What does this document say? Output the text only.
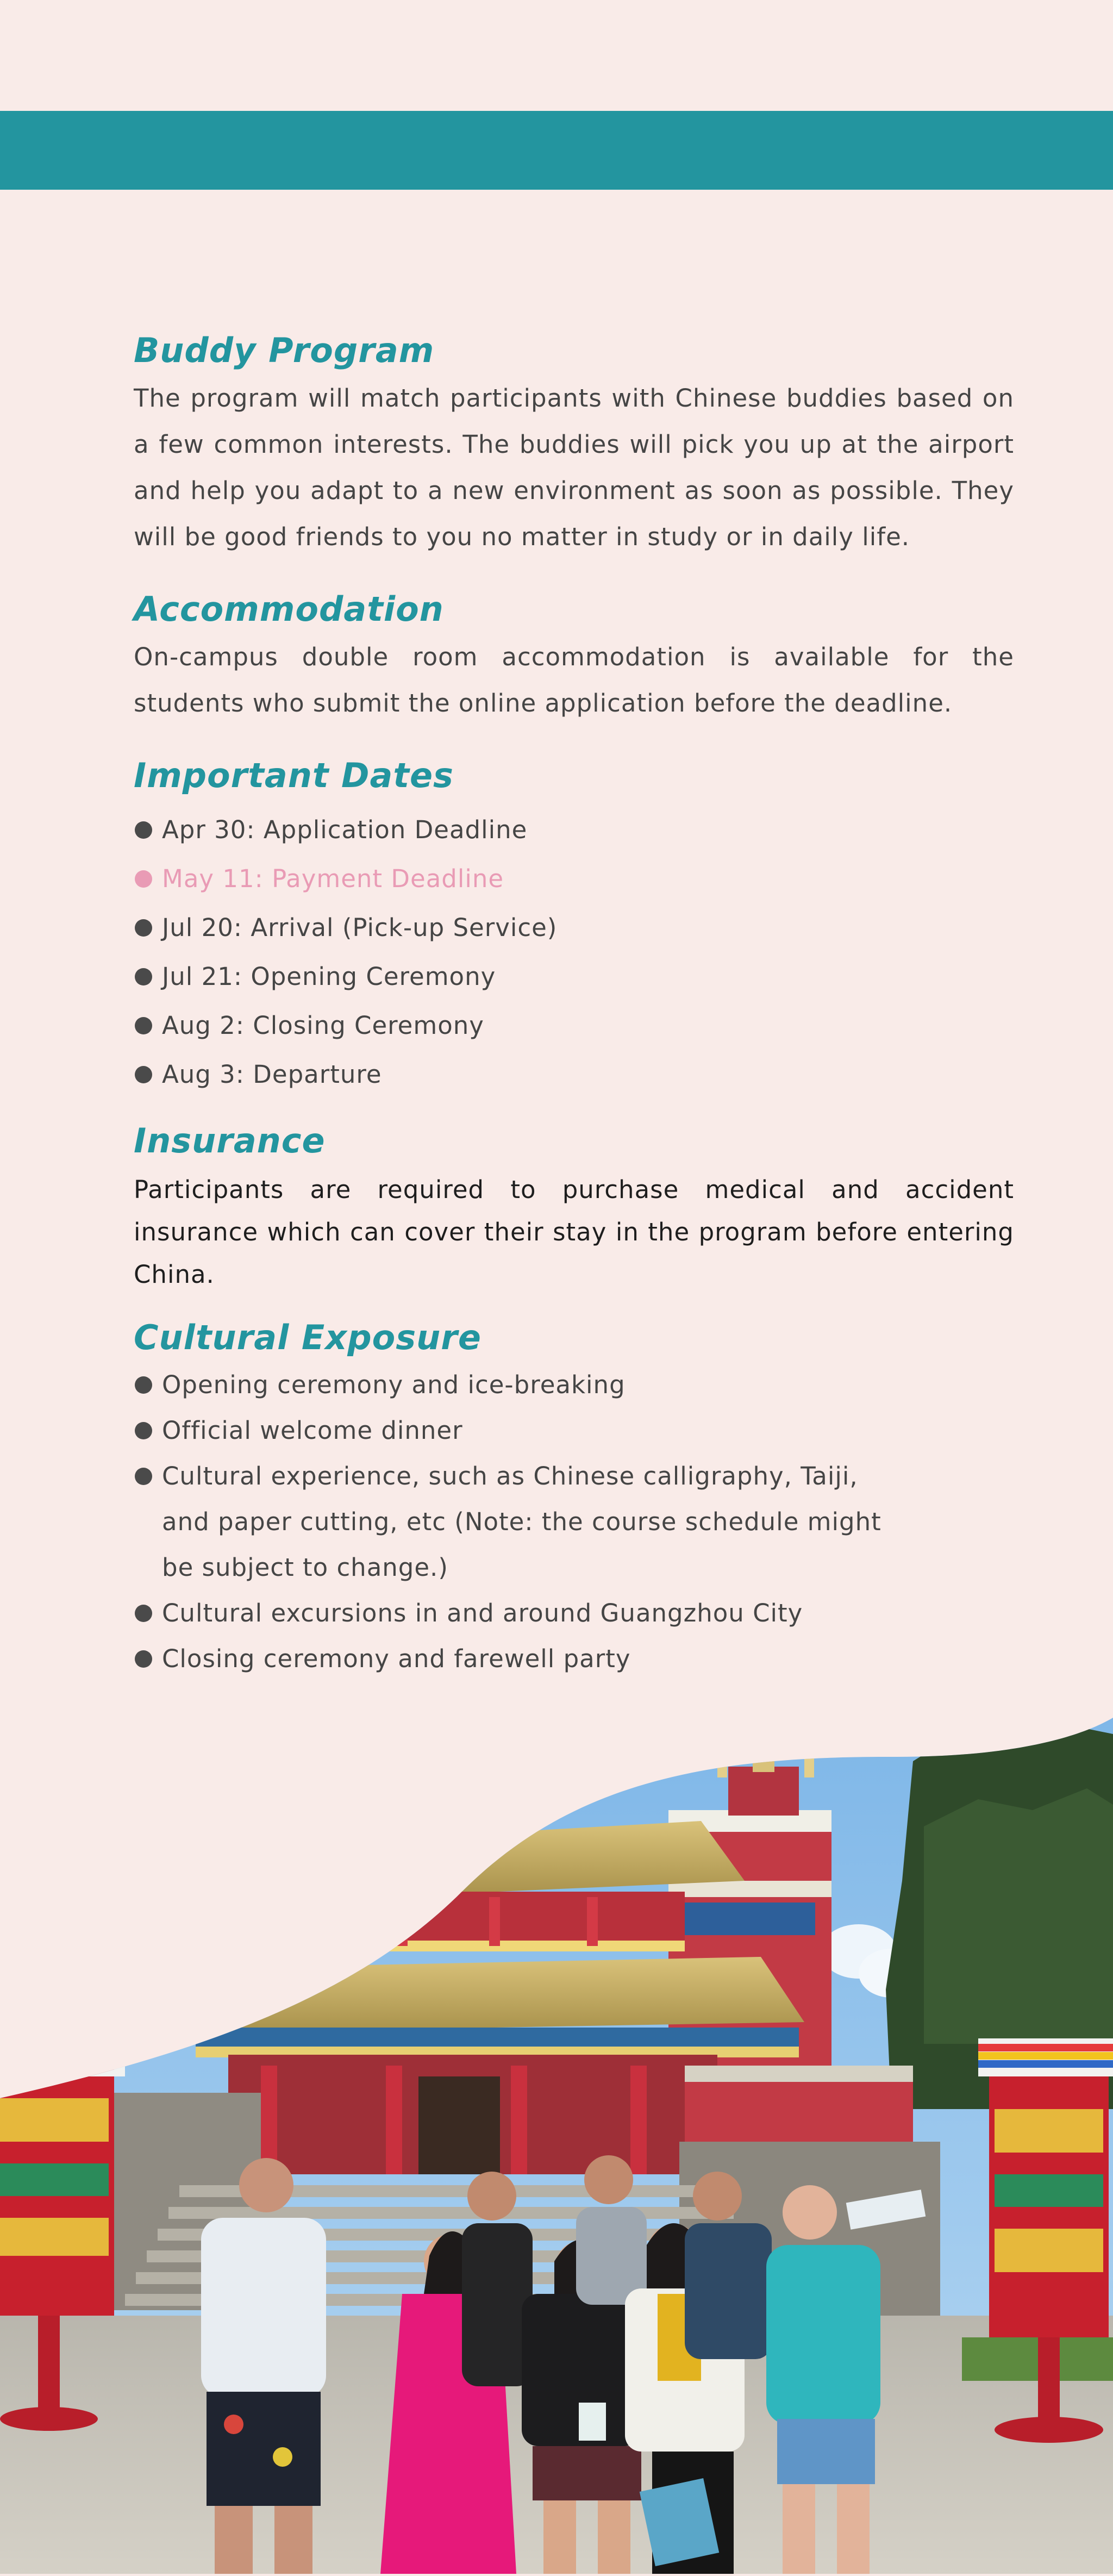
Buddy Program

The program will match participants with Chinese buddies based on a few common interests. The buddies will pick you up at the airport and help you adapt to a new environment as soon as possible. They will be good friends to you no matter in study or in daily life.

Accommodation

On-campus double room accommodation is available for the students who submit the online application before the deadline.

Important Dates
Apr 30: Application Deadline
May 11: Payment Deadline
Jul 20: Arrival (Pick-up Service)
Jul 21: Opening Ceremony
Aug 2: Closing Ceremony
Aug 3: Departure
Insurance

Participants are required to purchase medical and accident insurance which can cover their stay in the program before entering China.

Cultural Exposure
Opening ceremony and ice-breaking
Official welcome dinner
Cultural experience, such as Chinese calligraphy, Taiji, and paper cutting, etc (Note: the course schedule might be subject to change.)
Cultural excursions in and around Guangzhou City
Closing ceremony and farewell party
